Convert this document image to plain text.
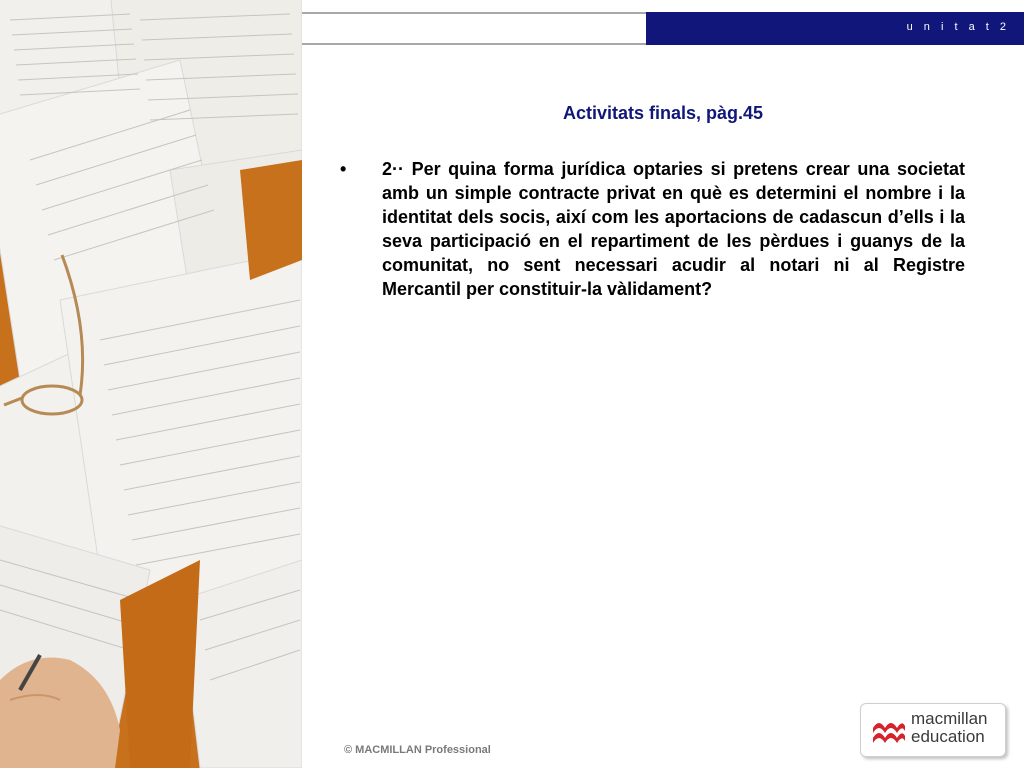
u n i t a t 2
Activitats finals, pàg.45
•	2·· Per quina forma jurídica optaries si pretens crear una societat amb un simple contracte privat en què es determini el nombre i la identitat dels socis, així com les aportacions de cadascun d’ells i la seva participació en el repartiment de les pèrdues i guanys de la comunitat, no sent necessari acudir al notari ni al Registre Mercantil per constituir-la vàlidament?
© MACMILLAN Professional
macmillan
education
